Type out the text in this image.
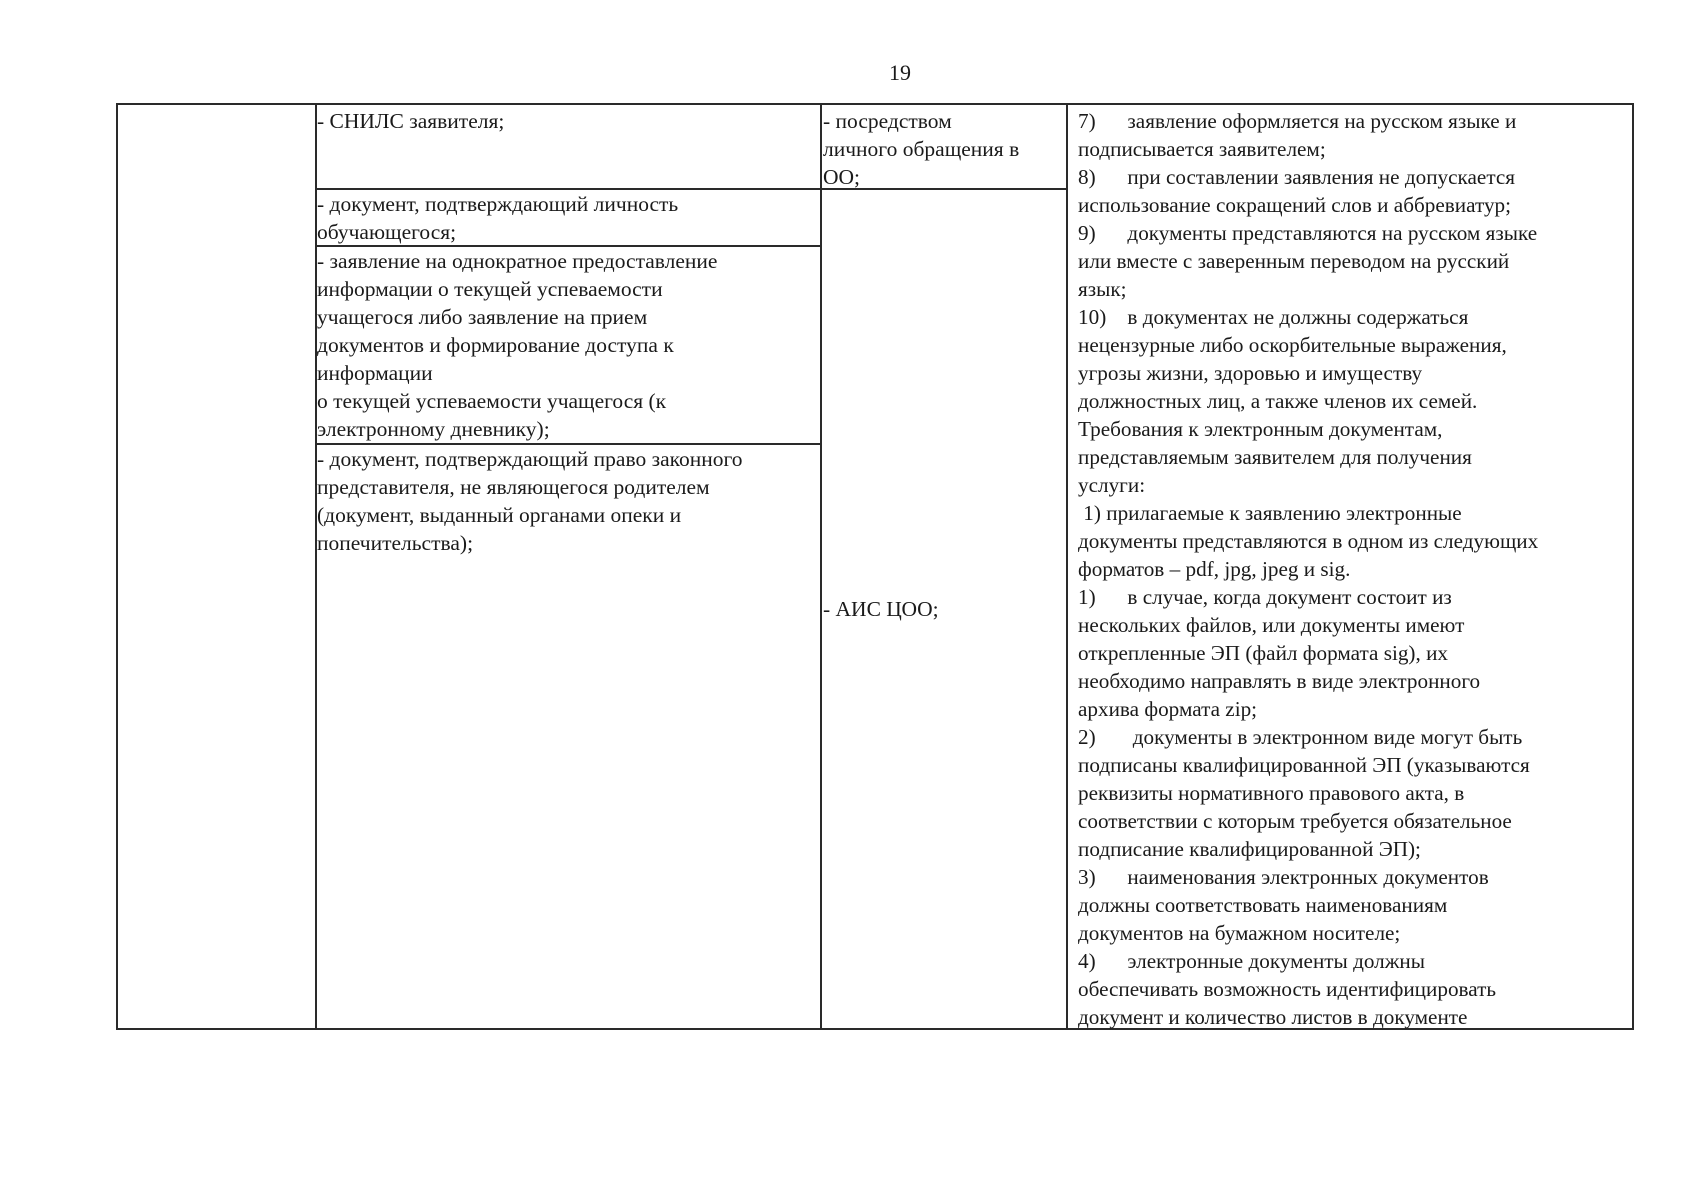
19
- СНИЛС заявителя;
- документ, подтверждающий личность
обучающегося;
- заявление на однократное предоставление
информации о текущей успеваемости
учащегося либо заявление на прием
документов и формирование доступа к
информации
о текущей успеваемости учащегося (к
электронному дневнику);
- документ, подтверждающий право законного
представителя, не являющегося родителем
(документ, выданный органами опеки и
попечительства);
- посредством
личного обращения в
ОО;
- АИС ЦОО;
7)      заявление оформляется на русском языке и
подписывается заявителем;
8)      при составлении заявления не допускается
использование сокращений слов и аббревиатур;
9)      документы представляются на русском языке
или вместе с заверенным переводом на русский
язык;
10)    в документах не должны содержаться
нецензурные либо оскорбительные выражения,
угрозы жизни, здоровью и имуществу
должностных лиц, а также членов их семей.
Требования к электронным документам,
представляемым заявителем для получения
услуги:
1) прилагаемые к заявлению электронные
документы представляются в одном из следующих
форматов – pdf, jpg, jpeg и sig.
1)      в случае, когда документ состоит из
нескольких файлов, или документы имеют
открепленные ЭП (файл формата sig), их
необходимо направлять в виде электронного
архива формата zip;
2)       документы в электронном виде могут быть
подписаны квалифицированной ЭП (указываются
реквизиты нормативного правового акта, в
соответствии с которым требуется обязательное
подписание квалифицированной ЭП);
3)      наименования электронных документов
должны соответствовать наименованиям
документов на бумажном носителе;
4)      электронные документы должны
обеспечивать возможность идентифицировать
документ и количество листов в документе
